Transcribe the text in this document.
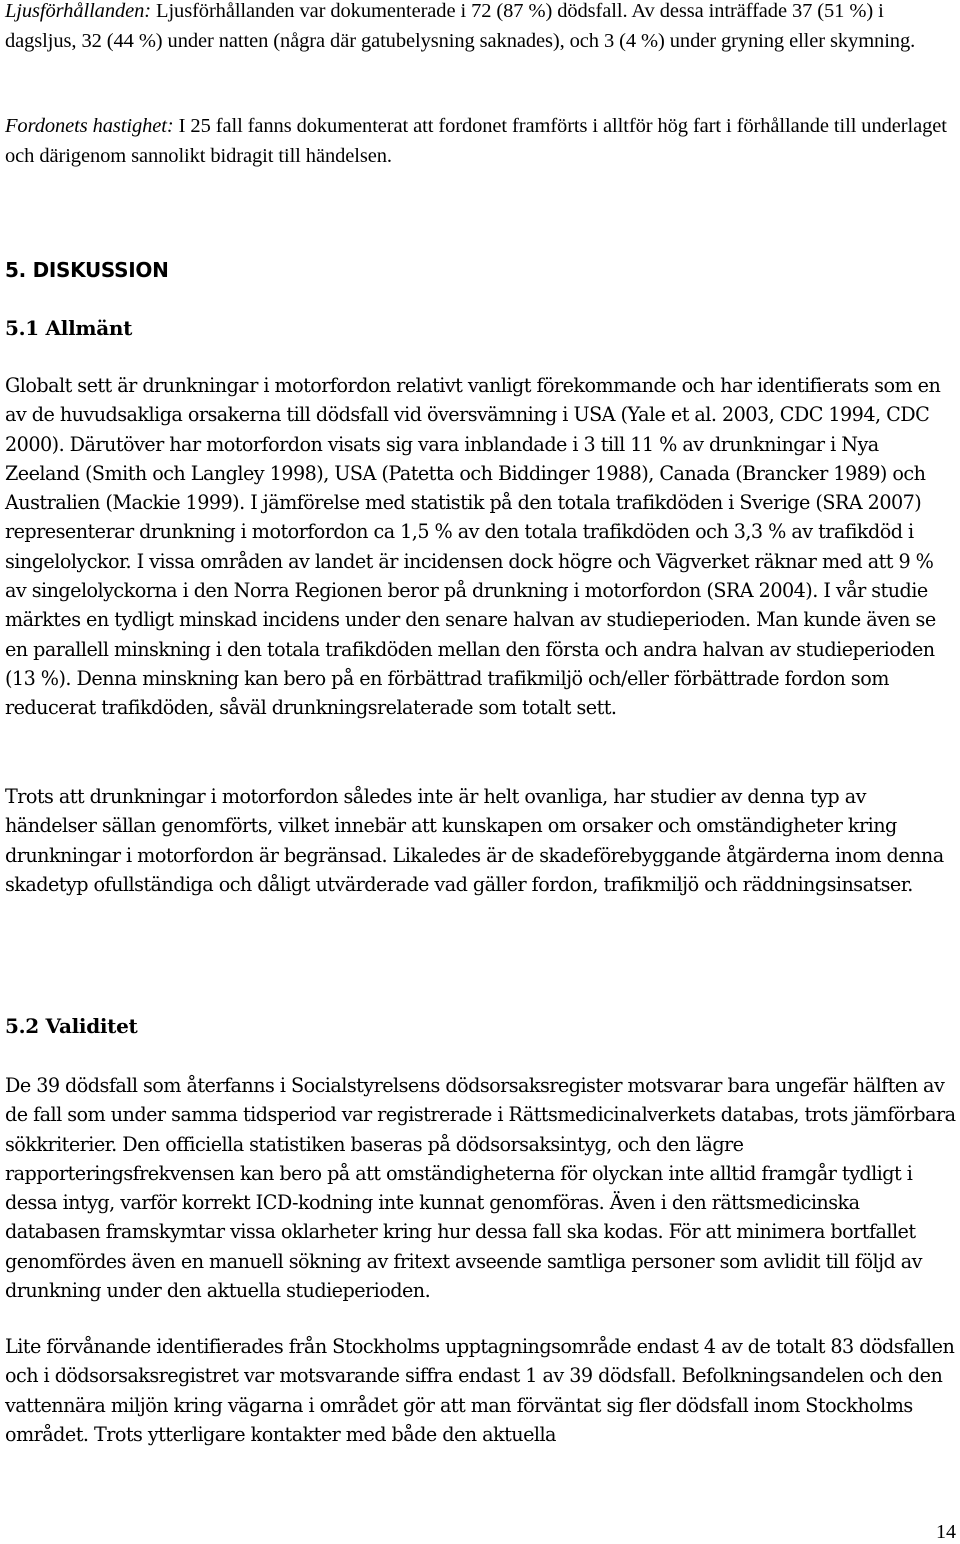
Ljusförhållanden: Ljusförhållanden var dokumenterade i 72 (87 %) dödsfall. Av dessa inträffade 37 (51 %) i dagsljus, 32 (44 %) under natten (några där gatubelysning saknades), och 3 (4 %) under gryning eller skymning.

Fordonets hastighet: I 25 fall fanns dokumenterat att fordonet framförts i alltför hög fart i förhållande till underlaget och därigenom sannolikt bidragit till händelsen.

5. DISKUSSION
5.1 Allmänt

Globalt sett är drunkningar i motorfordon relativt vanligt förekommande och har identifierats som en av de huvudsakliga orsakerna till dödsfall vid översvämning i USA (Yale et al. 2003, CDC 1994, CDC 2000). Därutöver har motorfordon visats sig vara inblandade i 3 till 11 % av drunkningar i Nya Zeeland (Smith och Langley 1998), USA (Patetta och Biddinger 1988), Canada (Brancker 1989) och Australien (Mackie 1999). I jämförelse med statistik på den totala trafikdöden i Sverige (SRA 2007) representerar drunkning i motorfordon ca 1,5 % av den totala trafikdöden och 3,3 % av trafikdöd i singelolyckor. I vissa områden av landet är incidensen dock högre och Vägverket räknar med att 9 % av singelolyckorna i den Norra Regionen beror på drunkning i motorfordon (SRA 2004). I vår studie märktes en tydligt minskad incidens under den senare halvan av studieperioden. Man kunde även se en parallell minskning i den totala trafikdöden mellan den första och andra halvan av studieperioden (13 %). Denna minskning kan bero på en förbättrad trafikmiljö och/eller förbättrade fordon som reducerat trafikdöden, såväl drunkningsrelaterade som totalt sett.

Trots att drunkningar i motorfordon således inte är helt ovanliga, har studier av denna typ av händelser sällan genomförts, vilket innebär att kunskapen om orsaker och omständigheter kring drunkningar i motorfordon är begränsad. Likaledes är de skadeförebyggande åtgärderna inom denna skadetyp ofullständiga och dåligt utvärderade vad gäller fordon, trafikmiljö och räddningsinsatser.

5.2 Validitet

De 39 dödsfall som återfanns i Socialstyrelsens dödsorsaksregister motsvarar bara ungefär hälften av de fall som under samma tidsperiod var registrerade i Rättsmedicinalverkets databas, trots jämförbara sökkriterier. Den officiella statistiken baseras på dödsorsaksintyg, och den lägre rapporteringsfrekvensen kan bero på att omständigheterna för olyckan inte alltid framgår tydligt i dessa intyg, varför korrekt ICD-kodning inte kunnat genomföras. Även i den rättsmedicinska databasen framskymtar vissa oklarheter kring hur dessa fall ska kodas. För att minimera bortfallet genomfördes även en manuell sökning av fritext avseende samtliga personer som avlidit till följd av drunkning under den aktuella studieperioden.

Lite förvånande identifierades från Stockholms upptagningsområde endast 4 av de totalt 83 dödsfallen och i dödsorsaksregistret var motsvarande siffra endast 1 av 39 dödsfall. Befolkningsandelen och den vattennära miljön kring vägarna i området gör att man förväntat sig fler dödsfall inom Stockholms området. Trots ytterligare kontakter med både den aktuella

14
